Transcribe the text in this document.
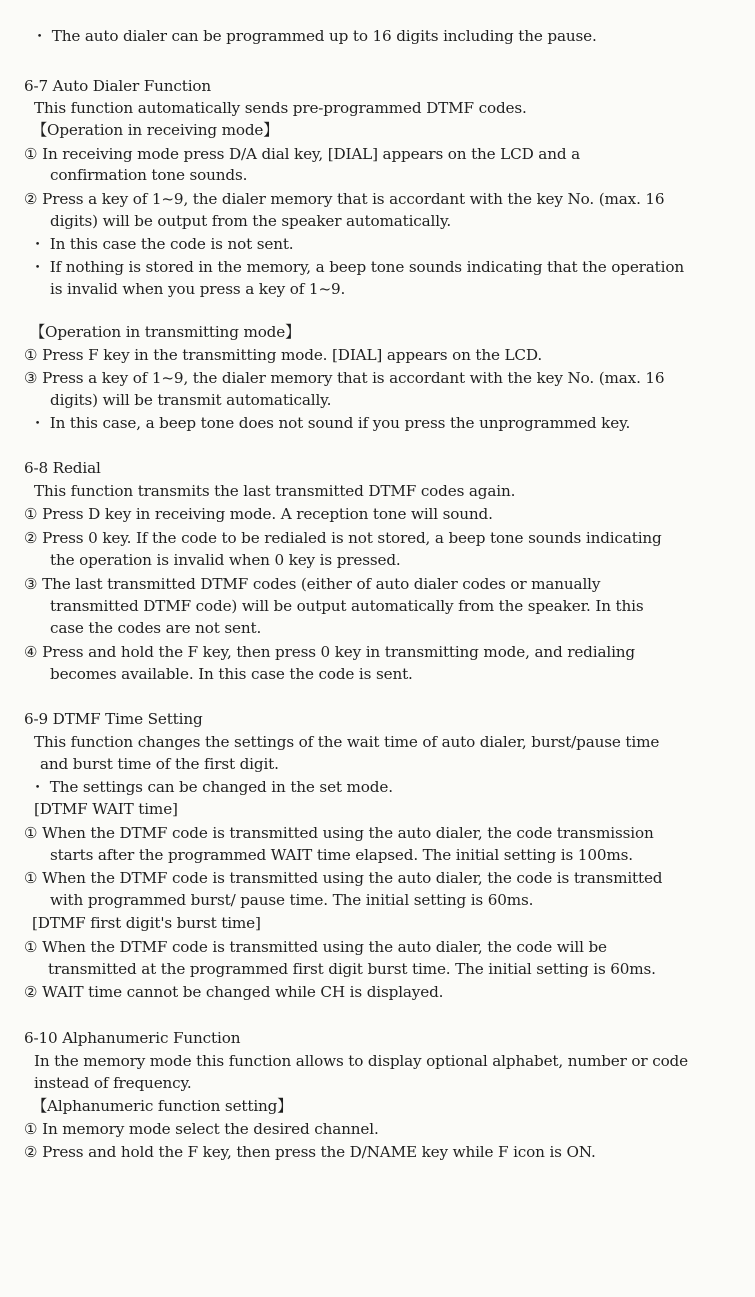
・ The auto dialer can be programmed up to 16 digits including the pause.
6-7 Auto Dialer Function
This function automatically sends pre-programmed DTMF codes.
【Operation in receiving mode】
① In receiving mode press D/A dial key, [DIAL] appears on the LCD and a
confirmation tone sounds.
② Press a key of 1~9, the dialer memory that is accordant with the key No. (max. 16
digits) will be output from the speaker automatically.
・ In this case the code is not sent.
・ If nothing is stored in the memory, a beep tone sounds indicating that the operation
is invalid when you press a key of 1~9.
【Operation in transmitting mode】
① Press F key in the transmitting mode. [DIAL] appears on the LCD.
③ Press a key of 1~9, the dialer memory that is accordant with the key No. (max. 16
digits) will be transmit automatically.
・ In this case, a beep tone does not sound if you press the unprogrammed key.
6-8 Redial
This function transmits the last transmitted DTMF codes again.
① Press D key in receiving mode. A reception tone will sound.
② Press 0 key. If the code to be redialed is not stored, a beep tone sounds indicating
the operation is invalid when 0 key is pressed.
③ The last transmitted DTMF codes (either of auto dialer codes or manually
transmitted DTMF code) will be output automatically from the speaker. In this
case the codes are not sent.
④ Press and hold the F key, then press 0 key in transmitting mode, and redialing
becomes available. In this case the code is sent.
6-9 DTMF Time Setting
This function changes the settings of the wait time of auto dialer, burst/pause time
and burst time of the first digit.
・ The settings can be changed in the set mode.
[DTMF WAIT time]
① When the DTMF code is transmitted using the auto dialer, the code transmission
starts after the programmed WAIT time elapsed. The initial setting is 100ms.
① When the DTMF code is transmitted using the auto dialer, the code is transmitted
with programmed burst/ pause time. The initial setting is 60ms.
[DTMF first digit's burst time]
① When the DTMF code is transmitted using the auto dialer, the code will be
transmitted at the programmed first digit burst time. The initial setting is 60ms.
② WAIT time cannot be changed while CH is displayed.
6-10 Alphanumeric Function
In the memory mode this function allows to display optional alphabet, number or code
instead of frequency.
【Alphanumeric function setting】
① In memory mode select the desired channel.
② Press and hold the F key, then press the D/NAME key while F icon is ON.
